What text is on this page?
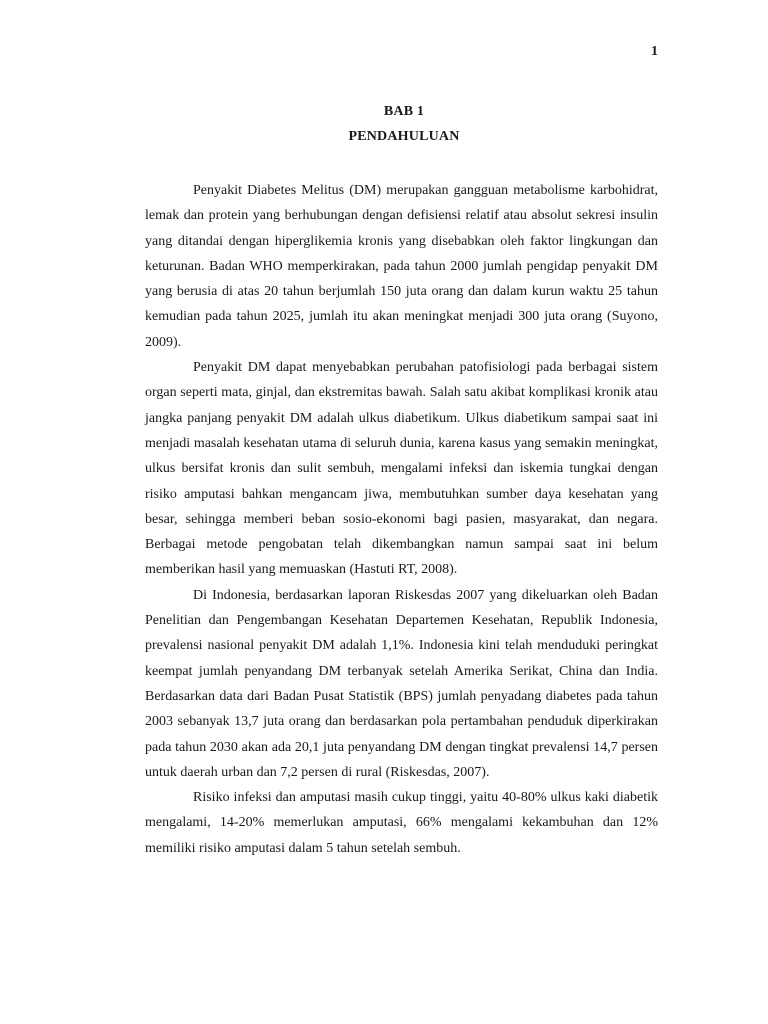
1
BAB 1
PENDAHULUAN

Penyakit Diabetes Melitus (DM) merupakan gangguan metabolisme karbohidrat, lemak dan protein yang berhubungan dengan defisiensi relatif atau absolut sekresi insulin yang ditandai dengan hiperglikemia kronis yang disebabkan oleh faktor lingkungan dan keturunan. Badan WHO memperkirakan, pada tahun 2000 jumlah pengidap penyakit DM yang berusia di atas 20 tahun berjumlah 150 juta orang dan dalam kurun waktu 25 tahun kemudian pada tahun 2025, jumlah itu akan meningkat menjadi 300 juta orang (Suyono, 2009).

Penyakit DM dapat menyebabkan perubahan patofisiologi pada berbagai sistem organ seperti mata, ginjal, dan ekstremitas bawah. Salah satu akibat komplikasi kronik atau jangka panjang penyakit DM adalah ulkus diabetikum. Ulkus diabetikum sampai saat ini menjadi masalah kesehatan utama di seluruh dunia, karena kasus yang semakin meningkat, ulkus bersifat kronis dan sulit sembuh, mengalami infeksi dan iskemia tungkai dengan risiko amputasi bahkan mengancam jiwa, membutuhkan sumber daya kesehatan yang besar, sehingga memberi beban sosio-ekonomi bagi pasien, masyarakat, dan negara. Berbagai metode pengobatan telah dikembangkan namun sampai saat ini belum memberikan hasil yang memuaskan (Hastuti RT, 2008).

Di Indonesia, berdasarkan laporan Riskesdas 2007 yang dikeluarkan oleh Badan Penelitian dan Pengembangan Kesehatan Departemen Kesehatan, Republik Indonesia, prevalensi nasional penyakit DM adalah 1,1%. Indonesia kini telah menduduki peringkat keempat jumlah penyandang DM terbanyak setelah Amerika Serikat, China dan India. Berdasarkan data dari Badan Pusat Statistik (BPS) jumlah penyadang diabetes pada tahun 2003 sebanyak 13,7 juta orang dan berdasarkan pola pertambahan penduduk diperkirakan pada tahun 2030 akan ada 20,1 juta penyandang DM dengan tingkat prevalensi 14,7 persen untuk daerah urban dan 7,2 persen di rural (Riskesdas, 2007).

Risiko infeksi dan amputasi masih cukup tinggi, yaitu 40-80% ulkus kaki diabetik mengalami, 14-20% memerlukan amputasi, 66% mengalami kekambuhan dan 12% memiliki risiko amputasi dalam 5 tahun setelah sembuh.
